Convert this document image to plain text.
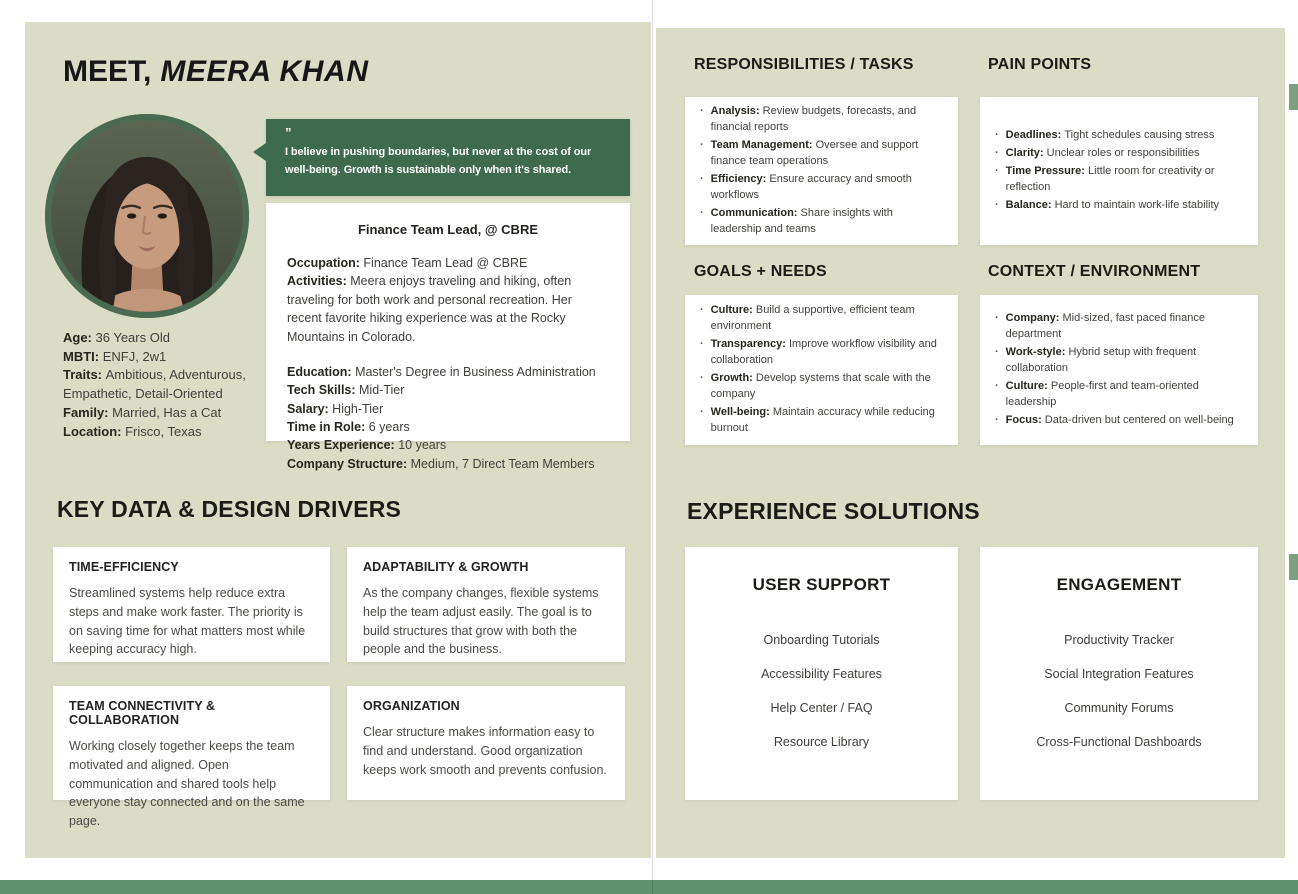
MEET, MEERA KHAN
”

I believe in pushing boundaries, but never at the cost of our well-being. Growth is sustainable only when it's shared.

Finance Team Lead, @ CBRE
Occupation: Finance Team Lead @ CBRE
Activities: Meera enjoys traveling and hiking, often traveling for both work and personal recreation. Her recent favorite hiking experience was at the Rocky Mountains in Colorado.
Education: Master's Degree in Business Administration
Tech Skills: Mid-Tier
Salary: High-Tier
Time in Role: 6 years
Years Experience: 10 years
Company Structure: Medium, 7 Direct Team Members
Age: 36 Years Old
MBTI: ENFJ, 2w1
Traits: Ambitious, Adventurous, Empathetic, Detail-Oriented
Family: Married, Has a Cat
Location: Frisco, Texas
KEY DATA & DESIGN DRIVERS
TIME-EFFICIENCY

Streamlined systems help reduce extra steps and make work faster. The priority is on saving time for what matters most while keeping accuracy high.

ADAPTABILITY & GROWTH

As the company changes, flexible systems help the team adjust easily. The goal is to build structures that grow with both the people and the business.

TEAM CONNECTIVITY & COLLABORATION

Working closely together keeps the team motivated and aligned. Open communication and shared tools help everyone stay connected and on the same page.

ORGANIZATION

Clear structure makes information easy to find and understand. Good organization keeps work smooth and prevents confusion.

RESPONSIBILITIES / TASKS
· Analysis: Review budgets, forecasts, and financial reports
· Team Management: Oversee and support finance team operations
· Efficiency: Ensure accuracy and smooth workflows
· Communication: Share insights with leadership and teams
PAIN POINTS
· Deadlines: Tight schedules causing stress
· Clarity: Unclear roles or responsibilities
· Time Pressure: Little room for creativity or reflection
· Balance: Hard to maintain work-life stability
GOALS + NEEDS
· Culture: Build a supportive, efficient team environment
· Transparency: Improve workflow visibility and collaboration
· Growth: Develop systems that scale with the company
· Well-being: Maintain accuracy while reducing burnout
CONTEXT / ENVIRONMENT
· Company: Mid-sized, fast paced finance department
· Work-style: Hybrid setup with frequent collaboration
· Culture: People-first and team-oriented leadership
· Focus: Data-driven but centered on well-being
EXPERIENCE SOLUTIONS
USER SUPPORT
Onboarding Tutorials
Accessibility Features
Help Center / FAQ
Resource Library
ENGAGEMENT
Productivity Tracker
Social Integration Features
Community Forums
Cross-Functional Dashboards
